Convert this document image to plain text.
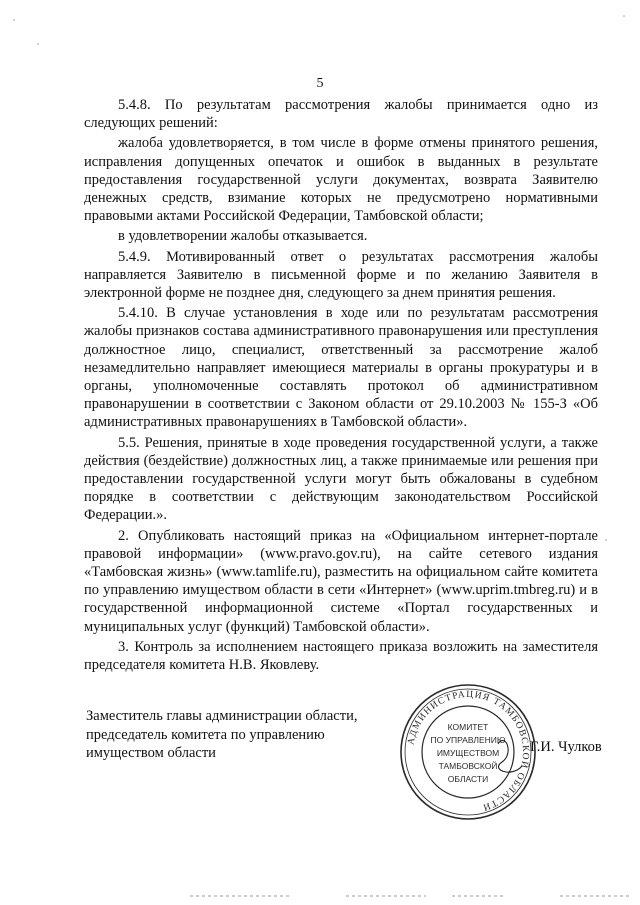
5

5.4.8. По результатам рассмотрения жалобы принимается одно из следующих решений:

жалоба удовлетворяется, в том числе в форме отмены принятого решения, исправления допущенных опечаток и ошибок в выданных в результате предоставления государственной услуги документах, возврата Заявителю денежных средств, взимание которых не предусмотрено нормативными правовыми актами Российской Федерации, Тамбовской области;

в удовлетворении жалобы отказывается.

5.4.9. Мотивированный ответ о результатах рассмотрения жалобы направляется Заявителю в письменной форме и по желанию Заявителя в электронной форме не позднее дня, следующего за днем принятия решения.

5.4.10. В случае установления в ходе или по результатам рассмотрения жалобы признаков состава административного правонарушения или преступления должностное лицо, специалист, ответственный за рассмотрение жалоб незамедлительно направляет имеющиеся материалы в органы прокуратуры и в органы, уполномоченные составлять протокол об административном правонарушении в соответствии с Законом области от 29.10.2003 № 155-З «Об административных правонарушениях в Тамбовской области».

5.5. Решения, принятые в ходе проведения государственной услуги, а также действия (бездействие) должностных лиц, а также принимаемые или решения при предоставлении государственной услуги могут быть обжалованы в судебном порядке в соответствии с действующим законодательством Российской Федерации.».

2. Опубликовать настоящий приказ на «Официальном интернет-портале правовой информации» (www.pravo.gov.ru), на сайте сетевого издания «Тамбовская жизнь» (www.tamlife.ru), разместить на официальном сайте комитета по управлению имуществом области в сети «Интернет» (www.uprim.tmbreg.ru) и в государственной информационной системе «Портал государственных и муниципальных услуг (функций) Тамбовской области».

3. Контроль за исполнением настоящего приказа возложить на заместителя председателя комитета Н.В. Яковлеву.

Заместитель главы администрации области,
председатель комитета по управлению
имуществом области
АДМИНИСТРАЦИЯ ТАМБОВСКОЙ ОБЛАСТИ
КОМИТЕТ
ПО УПРАВЛЕНИЮ
ИМУЩЕСТВОМ
ТАМБОВСКОЙ
ОБЛАСТИ
Г.И. Чулков
